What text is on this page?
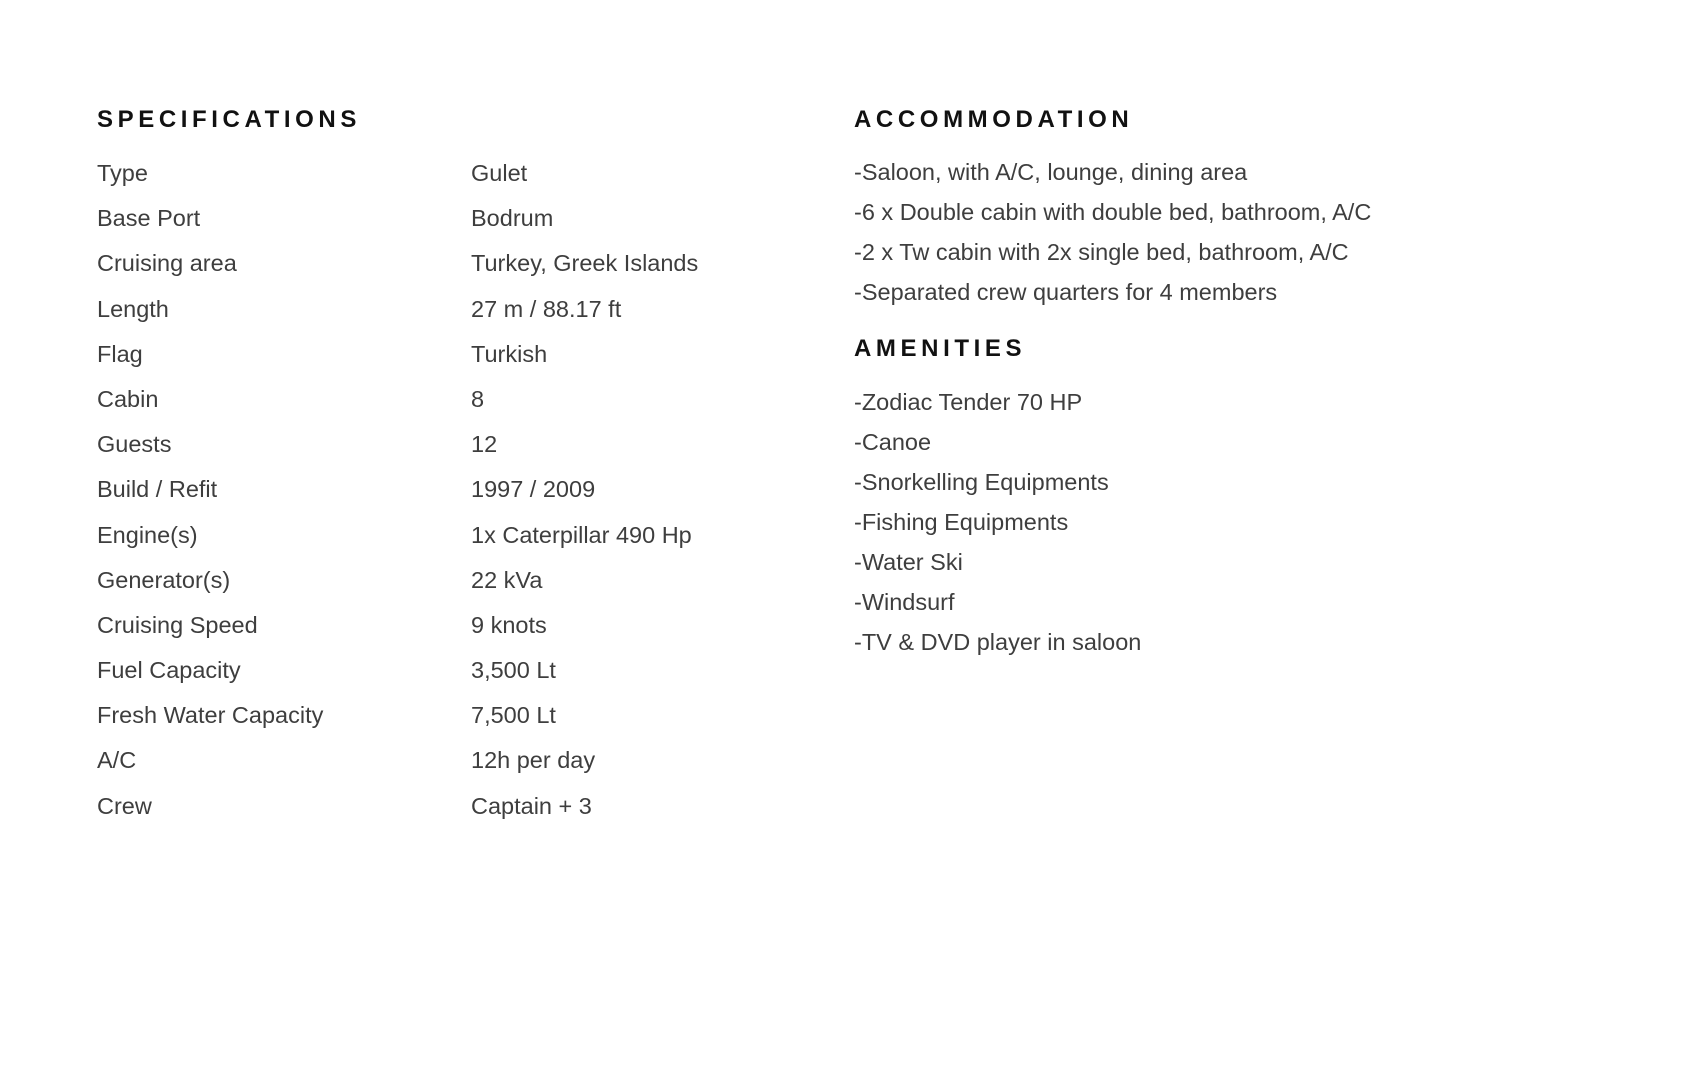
SPECIFICATIONS
Type	Gulet
Base Port	Bodrum
Cruising area	Turkey, Greek Islands
Length	27 m / 88.17 ft
Flag	Turkish
Cabin	8
Guests	12
Build / Refit	1997 / 2009
Engine(s)	1x Caterpillar 490 Hp
Generator(s)	22 kVa
Cruising Speed	9 knots
Fuel Capacity	3,500 Lt
Fresh Water Capacity	7,500 Lt
A/C	12h per day
Crew	Captain + 3
ACCOMMODATION
-Saloon, with A/C, lounge, dining area
-6 x Double cabin with double bed, bathroom, A/C
-2 x Tw cabin with 2x single bed, bathroom, A/C
-Separated crew quarters for 4 members
AMENITIES
-Zodiac Tender 70 HP
-Canoe
-Snorkelling Equipments
-Fishing Equipments
-Water Ski
-Windsurf
-TV & DVD player in saloon
